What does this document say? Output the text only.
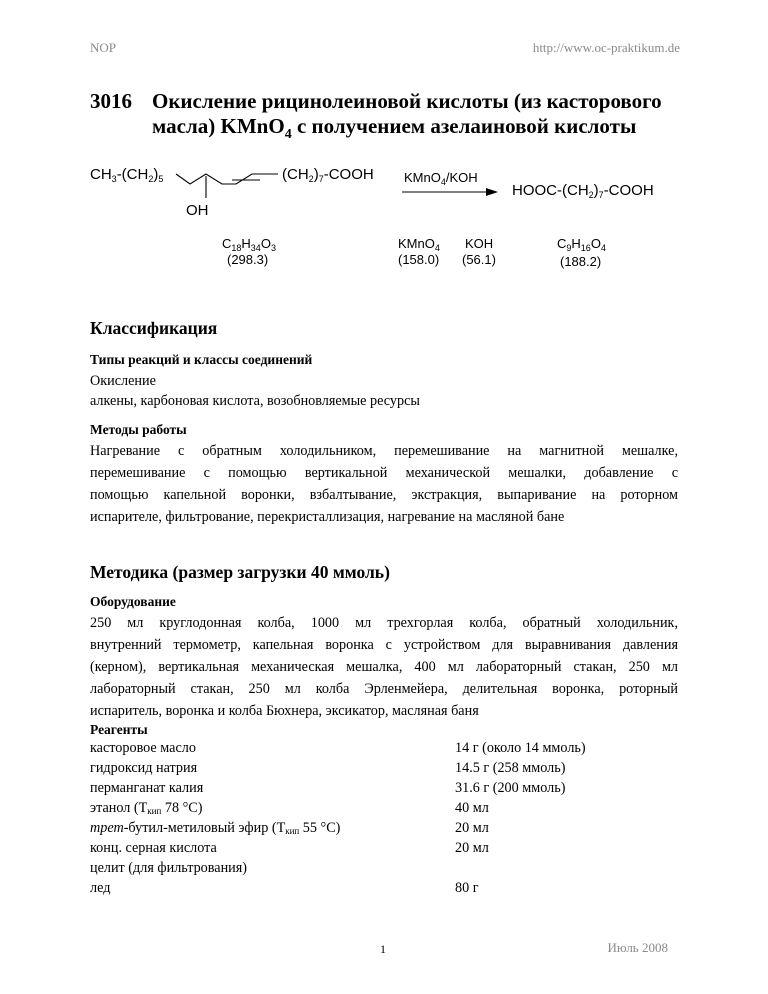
NOP	http://www.oc-praktikum.de
3016 Окисление рицинолеиновой кислоты (из касторового
масла) KMnO$_4$ с получением азелаиновой кислоты
$CH_3-(CH_2)_5$
OH
$(CH_2)_7$-COOH KMnO$_4$/KOH
HOOC-$(CH_2)_7$-COOH
$C_{18}H_{34}O_3$
(298.3)
KMnO$_4$
(158.0)
KOH
(56.1)
$C_9H_{16}O_4$
(188.2)
Классификация
Типы реакций и классы соединений
Окисление
алкены, карбоновая кислота, возобновляемые ресурсы
Методы работы
Нагревание с обратным холодильником, перемешивание на магнитной мешалке,
перемешивание с помощью вертикальной механической мешалки, добавление с
помощью капельной воронки, взбалтывание, экстракция, выпаривание на роторном
испарителе, фильтрование, перекристаллизация, нагревание на масляной бане
Методика (размер загрузки 40 ммоль)
Оборудование
250 мл круглодонная колба, 1000 мл трехгорлая колба, обратный холодильник,
внутренний термометр, капельная воронка с устройством для выравнивания давления
(керном), вертикальная механическая мешалка, 400 мл лабораторный стакан, 250 мл
лабораторный стакан, 250 мл колба Эрленмейера, делительная воронка, роторный
испаритель, воронка и колба Бюхнера, эксикатор, масляная баня
Реагенты
касторовое масло	14 г (около 14 ммоль)
гидроксид натрия	14.5 г (258 ммоль)
перманганат калия	31.6 г (200 ммоль)
этанол (Tкип 78 °C)	40 мл
трет-бутил-метиловый эфир (Tкип 55 °C)	20 мл
конц. серная кислота	20 мл
целит (для фильтрования)
лед	80 г
1	Июль 2008
